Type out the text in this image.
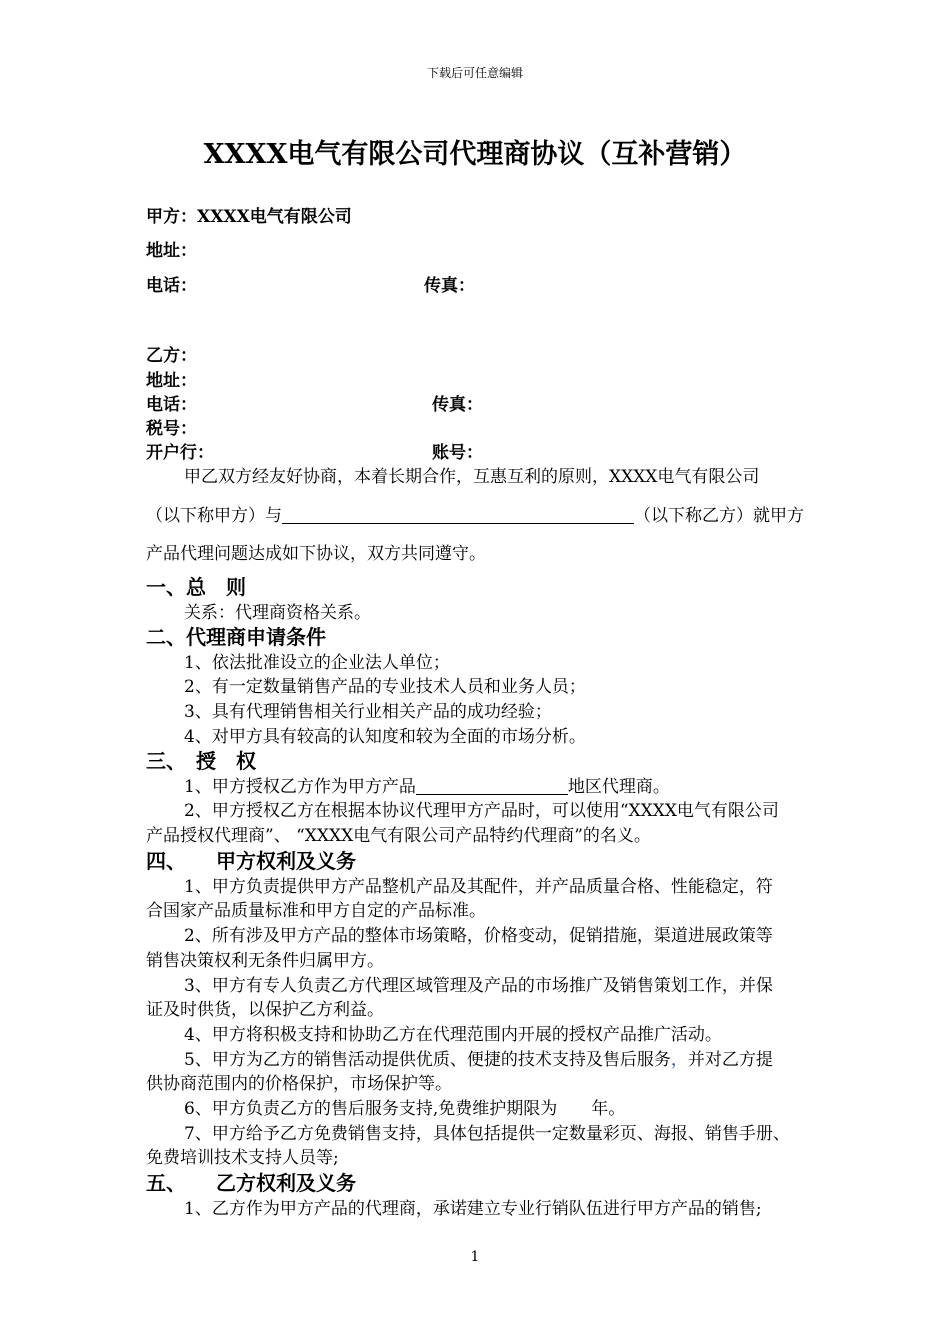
下载后可任意编辑
XXXX电气有限公司代理商协议（互补营销）
甲方：XXXX电气有限公司
地址：
电话：	传真：
乙方：
地址：
电话：	传真：
税号：
开户行：	账号：
甲乙双方经友好协商，本着长期合作，互惠互利的原则，XXXX电气有限公司
（以下称甲方）与	（以下称乙方）就甲方
产品代理问题达成如下协议，双方共同遵守。
一、总　则
关系：代理商资格关系。
二、代理商申请条件
1、依法批准设立的企业法人单位；
2、有一定数量销售产品的专业技术人员和业务人员；
3、具有代理销售相关行业相关产品的成功经验；
4、对甲方具有较高的认知度和较为全面的市场分析。
三、　授　权
1、甲方授权乙方作为甲方产品	地区代理商。
2、甲方授权乙方在根据本协议代理甲方产品时，可以使用“XXXX电气有限公司
产品授权代理商”、 “XXXX电气有限公司产品特约代理商”的名义。
四、　　甲方权利及义务
1、甲方负责提供甲方产品整机产品及其配件，并产品质量合格、性能稳定，符
合国家产品质量标准和甲方自定的产品标准。
2、所有涉及甲方产品的整体市场策略，价格变动，促销措施，渠道进展政策等
销售决策权利无条件归属甲方。
3、甲方有专人负责乙方代理区域管理及产品的市场推广及销售策划工作，并保
证及时供货，以保护乙方利益。
4、甲方将积极支持和协助乙方在代理范围内开展的授权产品推广活动。
5、甲方为乙方的销售活动提供优质、便捷的技术支持及售后服务，并对乙方提
供协商范围内的价格保护，市场保护等。
6、甲方负责乙方的售后服务支持,免费维护期限为　　年。
7、甲方给予乙方免费销售支持，具体包括提供一定数量彩页、海报、销售手册、
免费培训技术支持人员等;
五、　　乙方权利及义务
1、乙方作为甲方产品的代理商，承诺建立专业行销队伍进行甲方产品的销售;
1
